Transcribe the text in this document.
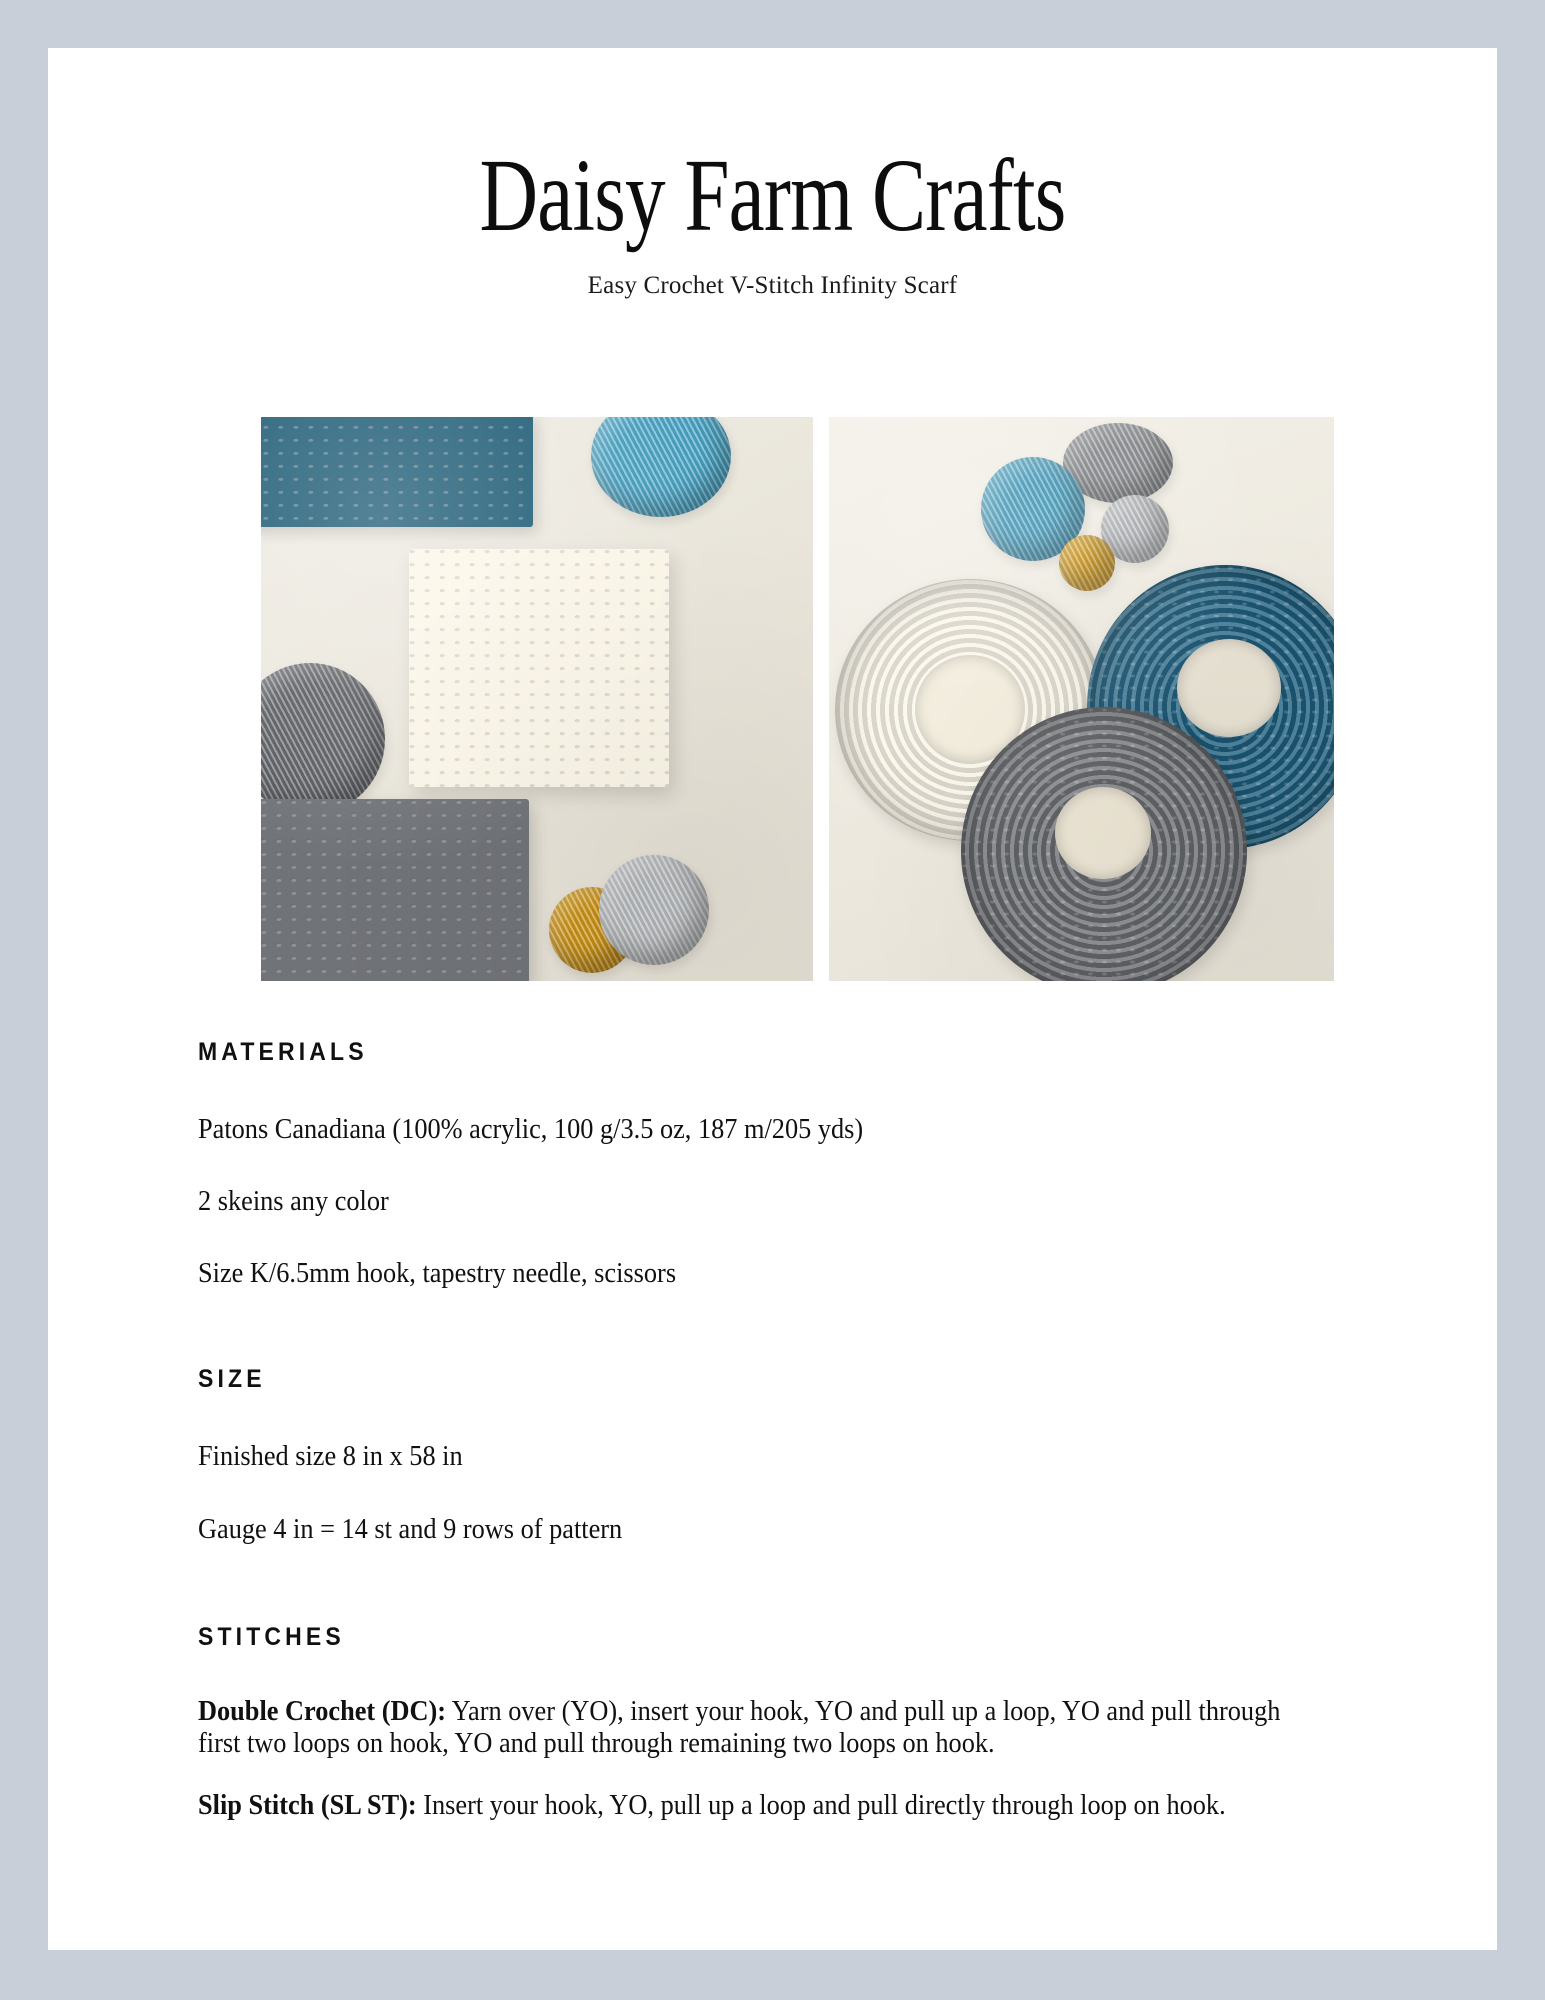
Daisy Farm Crafts
Easy Crochet V-Stitch Infinity Scarf
MATERIALS
Patons Canadiana (100% acrylic, 100 g/3.5 oz, 187 m/205 yds)
2 skeins any color
Size K/6.5mm hook, tapestry needle, scissors
SIZE
Finished size 8 in x 58 in
Gauge 4 in = 14 st and 9 rows of pattern
STITCHES
Double Crochet (DC): Yarn over (YO), insert your hook, YO and pull up a loop, YO and pull through first two loops on hook, YO and pull through remaining two loops on hook.
Slip Stitch (SL ST): Insert your hook, YO, pull up a loop and pull directly through loop on hook.
